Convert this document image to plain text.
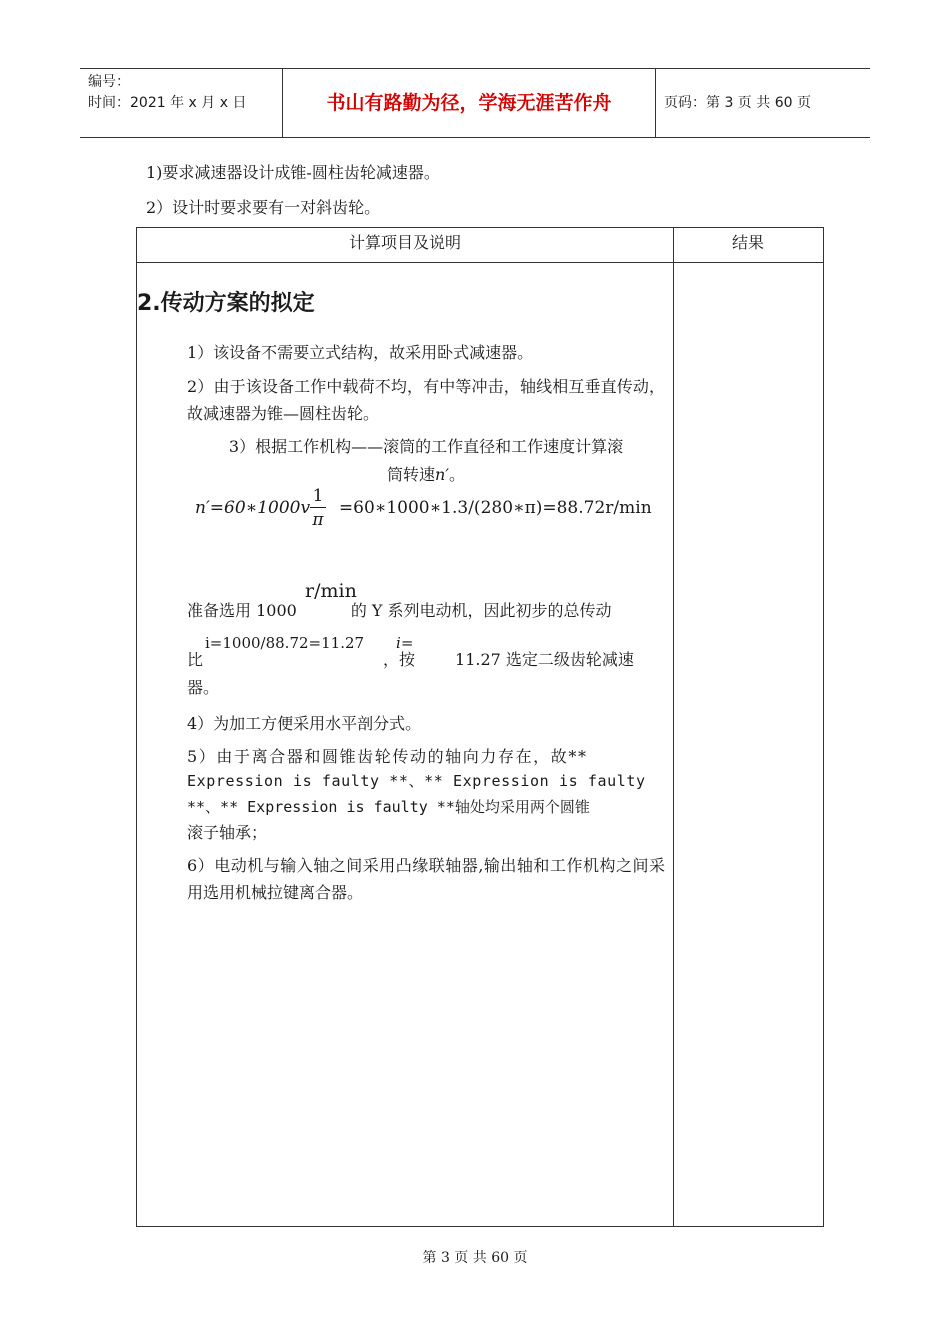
编号：
时间：2021 年 x 月 x 日	书山有路勤为径，学海无涯苦作舟	页码：第 3 页 共 60 页
1)要求减速器设计成锥-圆柱齿轮减速器。
2）设计时要求要有一对斜齿轮。
计算项目及说明	结果
2.传动方案的拟定
1）该设备不需要立式结构，故采用卧式减速器。
2）由于该设备工作中载荷不均，有中等冲击，轴线相互垂直传动，故减速器为锥—圆柱齿轮。
3）根据工作机构——滚筒的工作直径和工作速度计算滚
筒转速n′。
n′=60∗1000v =60∗1000∗1.3/(280∗π)=88.72r/min
1
π
r/min
准备选用 1000	的 Y 系列电动机，因此初步的总传动
i=1000/88.72=11.27 i=
比	，按	11.27 选定二级齿轮减速
器。
4）为加工方便采用水平剖分式。
5）由于离合器和圆锥齿轮传动的轴向力存在，故**
Expression is faulty **、** Expression is faulty
**、** Expression is faulty **轴处均采用两个圆锥
滚子轴承；
6）电动机与输入轴之间采用凸缘联轴器,输出轴和工作机构之间采用选用机械拉键离合器。
第 3 页 共 60 页
